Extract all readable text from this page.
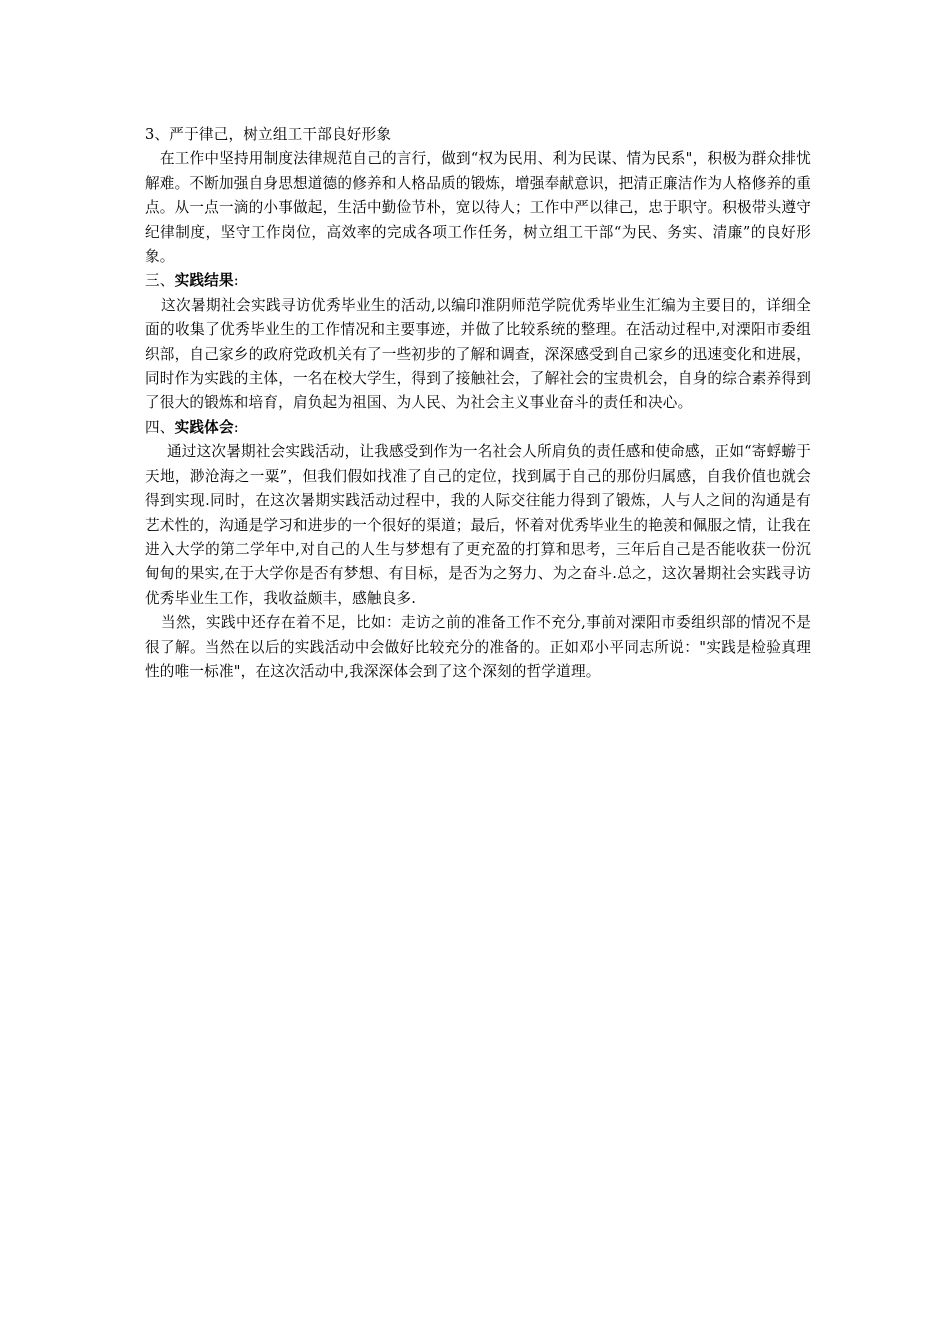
3、严于律己，树立组工干部良好形象

在工作中坚持用制度法律规范自己的言行，做到“权为民用、利为民谋、情为民系"，积极为群众排忧解难。不断加强自身思想道德的修养和人格品质的锻炼，增强奉献意识，把清正廉洁作为人格修养的重点。从一点一滴的小事做起，生活中勤俭节朴，宽以待人；工作中严以律己，忠于职守。积极带头遵守纪律制度，坚守工作岗位，高效率的完成各项工作任务，树立组工干部“为民、务实、清廉”的良好形象。

三、实践结果:

这次暑期社会实践寻访优秀毕业生的活动,以编印淮阴师范学院优秀毕业生汇编为主要目的，详细全面的收集了优秀毕业生的工作情况和主要事迹，并做了比较系统的整理。在活动过程中,对溧阳市委组织部，自己家乡的政府党政机关有了一些初步的了解和调查，深深感受到自己家乡的迅速变化和进展，同时作为实践的主体，一名在校大学生，得到了接触社会，了解社会的宝贵机会，自身的综合素养得到了很大的锻炼和培育，肩负起为祖国、为人民、为社会主义事业奋斗的责任和决心。

四、实践体会:

通过这次暑期社会实践活动，让我感受到作为一名社会人所肩负的责任感和使命感，正如“寄蜉蝣于天地，渺沧海之一粟”，但我们假如找准了自己的定位，找到属于自己的那份归属感，自我价值也就会得到实现.同时，在这次暑期实践活动过程中，我的人际交往能力得到了锻炼，人与人之间的沟通是有艺术性的，沟通是学习和进步的一个很好的渠道；最后，怀着对优秀毕业生的艳羡和佩服之情，让我在进入大学的第二学年中,对自己的人生与梦想有了更充盈的打算和思考，三年后自己是否能收获一份沉甸甸的果实,在于大学你是否有梦想、有目标，是否为之努力、为之奋斗.总之，这次暑期社会实践寻访优秀毕业生工作，我收益颇丰，感触良多.

当然，实践中还存在着不足，比如：走访之前的准备工作不充分,事前对溧阳市委组织部的情况不是很了解。当然在以后的实践活动中会做好比较充分的准备的。正如邓小平同志所说："实践是检验真理性的唯一标准"，在这次活动中,我深深体会到了这个深刻的哲学道理。
